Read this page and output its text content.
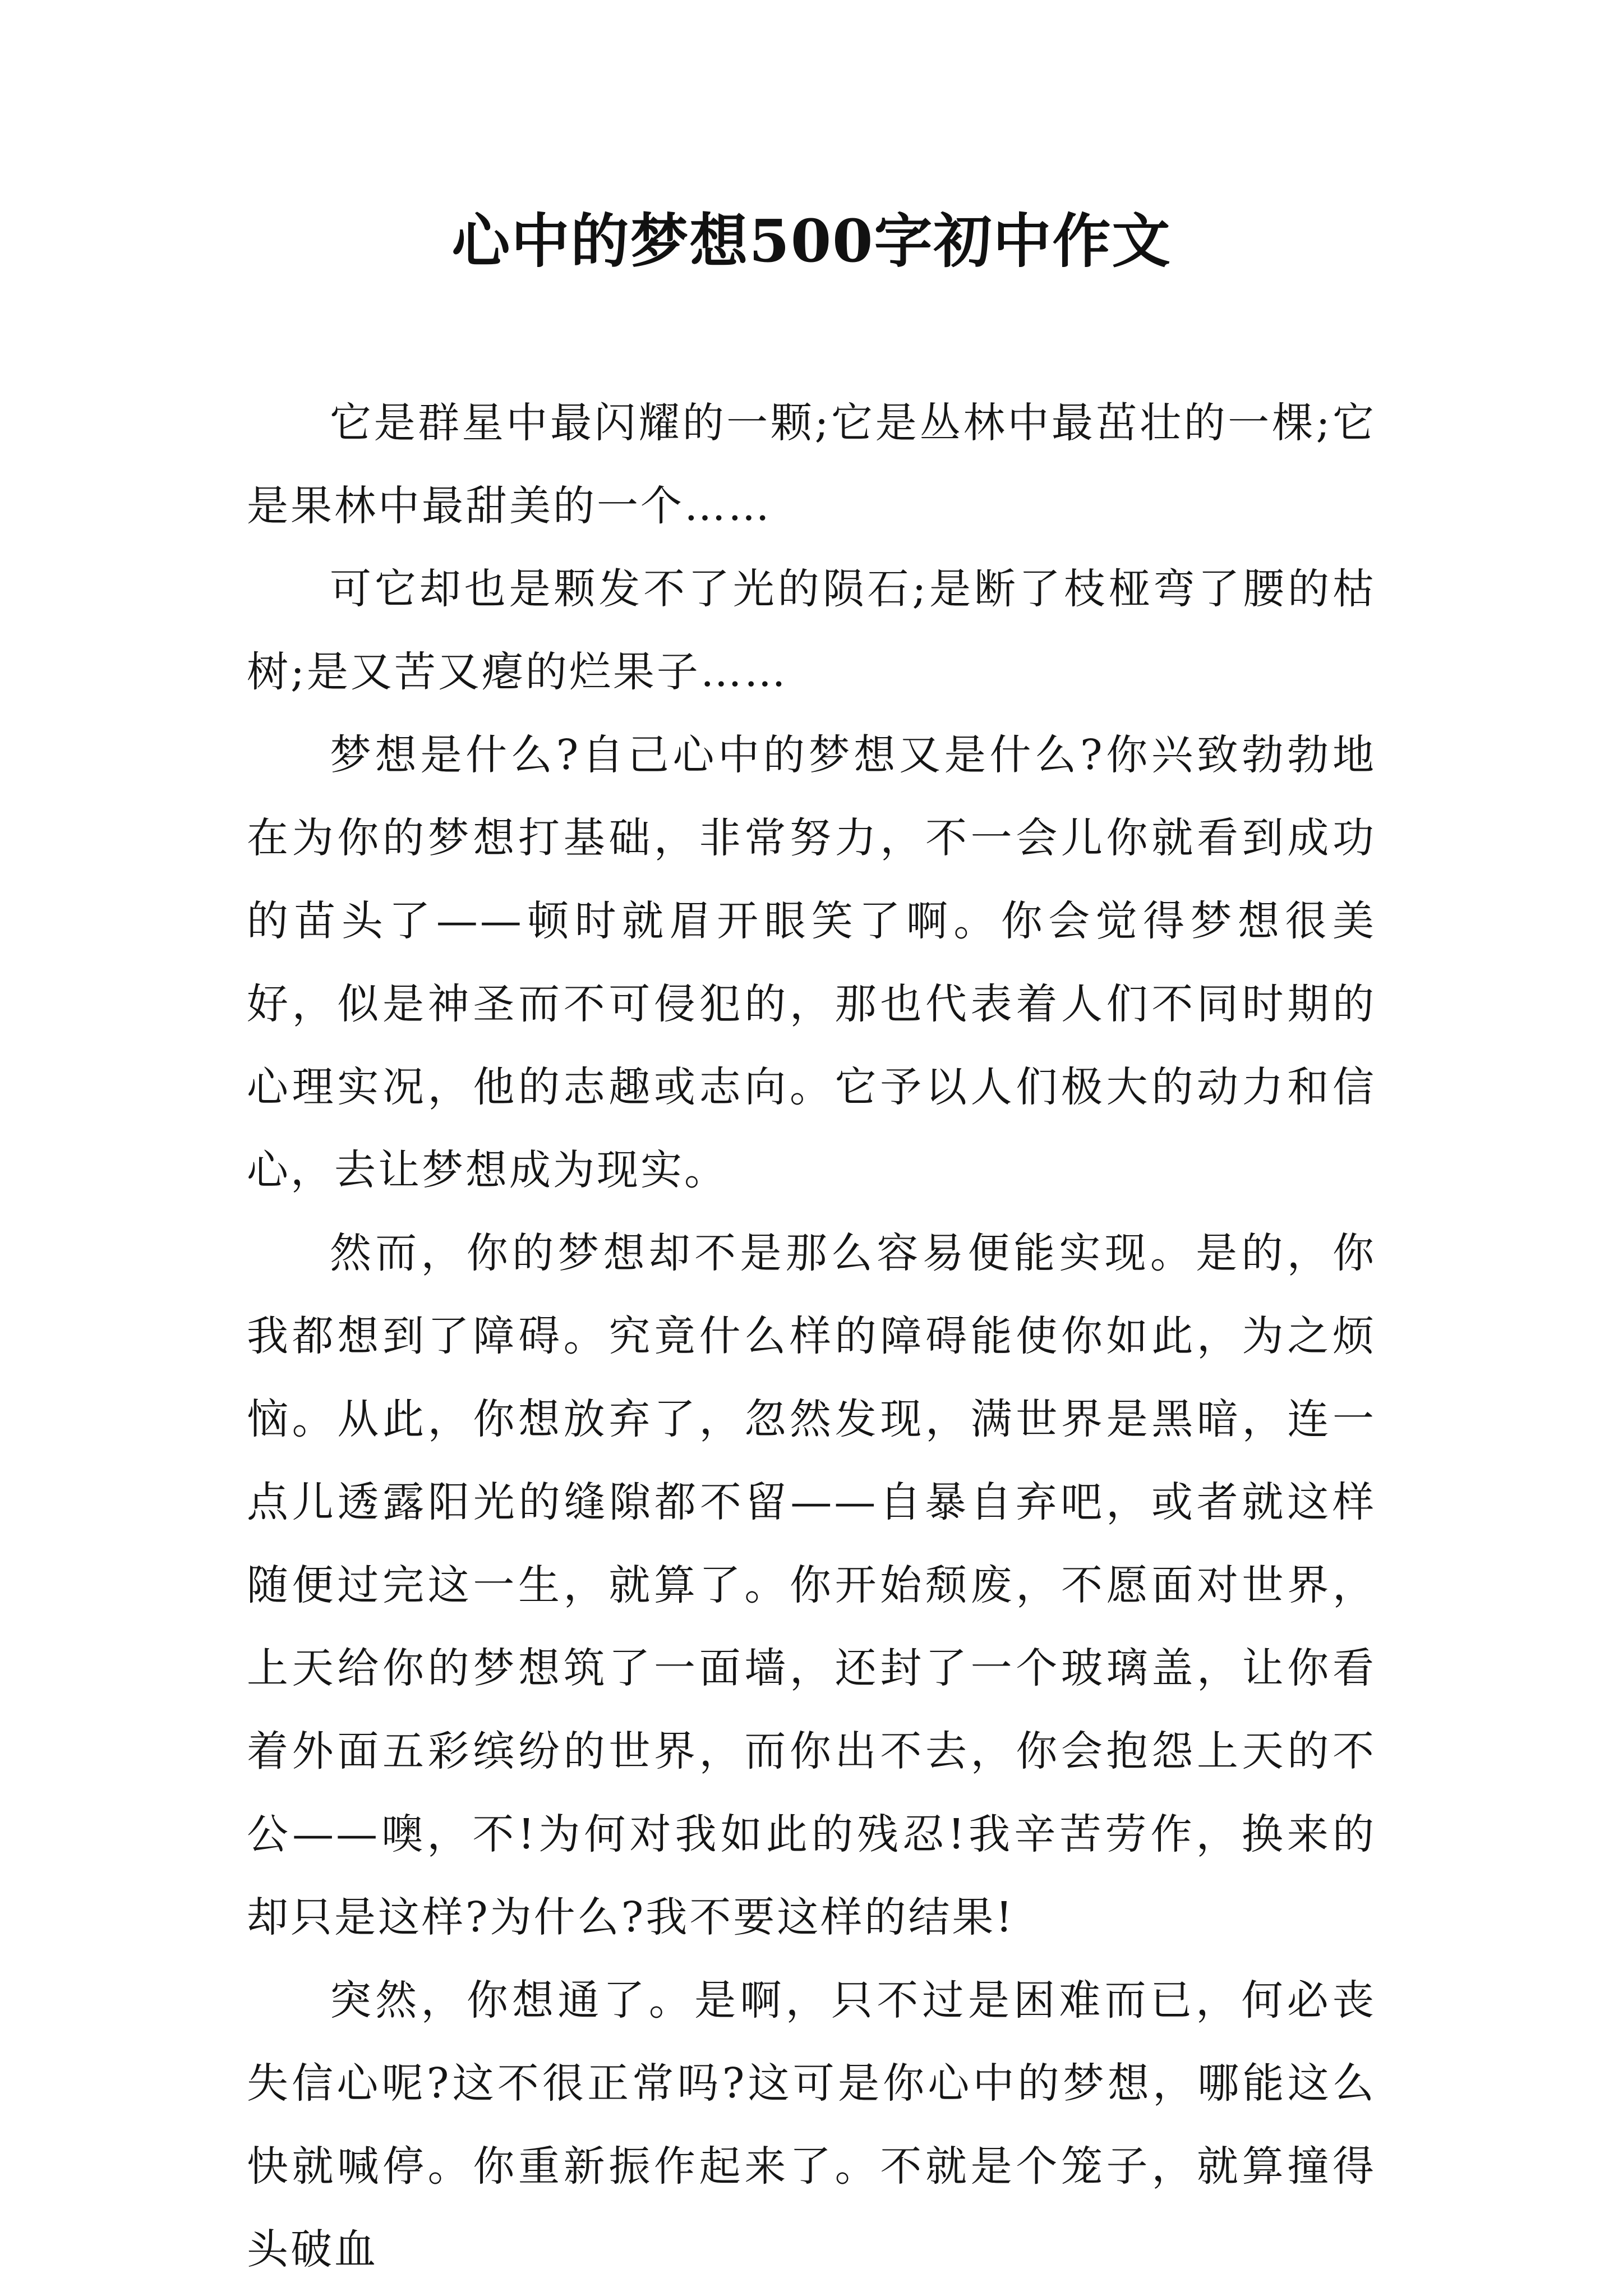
心中的梦想500字初中作文

它是群星中最闪耀的一颗;它是丛林中最茁壮的一棵;它是果林中最甜美的一个……

可它却也是颗发不了光的陨石;是断了枝桠弯了腰的枯树;是又苦又瘪的烂果子……

梦想是什么?自己心中的梦想又是什么?你兴致勃勃地在为你的梦想打基础，非常努力，不一会儿你就看到成功的苗头了——顿时就眉开眼笑了啊。你会觉得梦想很美好，似是神圣而不可侵犯的，那也代表着人们不同时期的心理实况，他的志趣或志向。它予以人们极大的动力和信心，去让梦想成为现实。

然而，你的梦想却不是那么容易便能实现。是的，你我都想到了障碍。究竟什么样的障碍能使你如此，为之烦恼。从此，你想放弃了，忽然发现，满世界是黑暗，连一点儿透露阳光的缝隙都不留——自暴自弃吧，或者就这样随便过完这一生，就算了。你开始颓废，不愿面对世界，上天给你的梦想筑了一面墙，还封了一个玻璃盖，让你看着外面五彩缤纷的世界，而你出不去，你会抱怨上天的不公——噢，不!为何对我如此的残忍!我辛苦劳作，换来的却只是这样?为什么?我不要这样的结果!

突然，你想通了。是啊，只不过是困难而已，何必丧失信心呢?这不很正常吗?这可是你心中的梦想，哪能这么快就喊停。你重新振作起来了。不就是个笼子，就算撞得头破血
